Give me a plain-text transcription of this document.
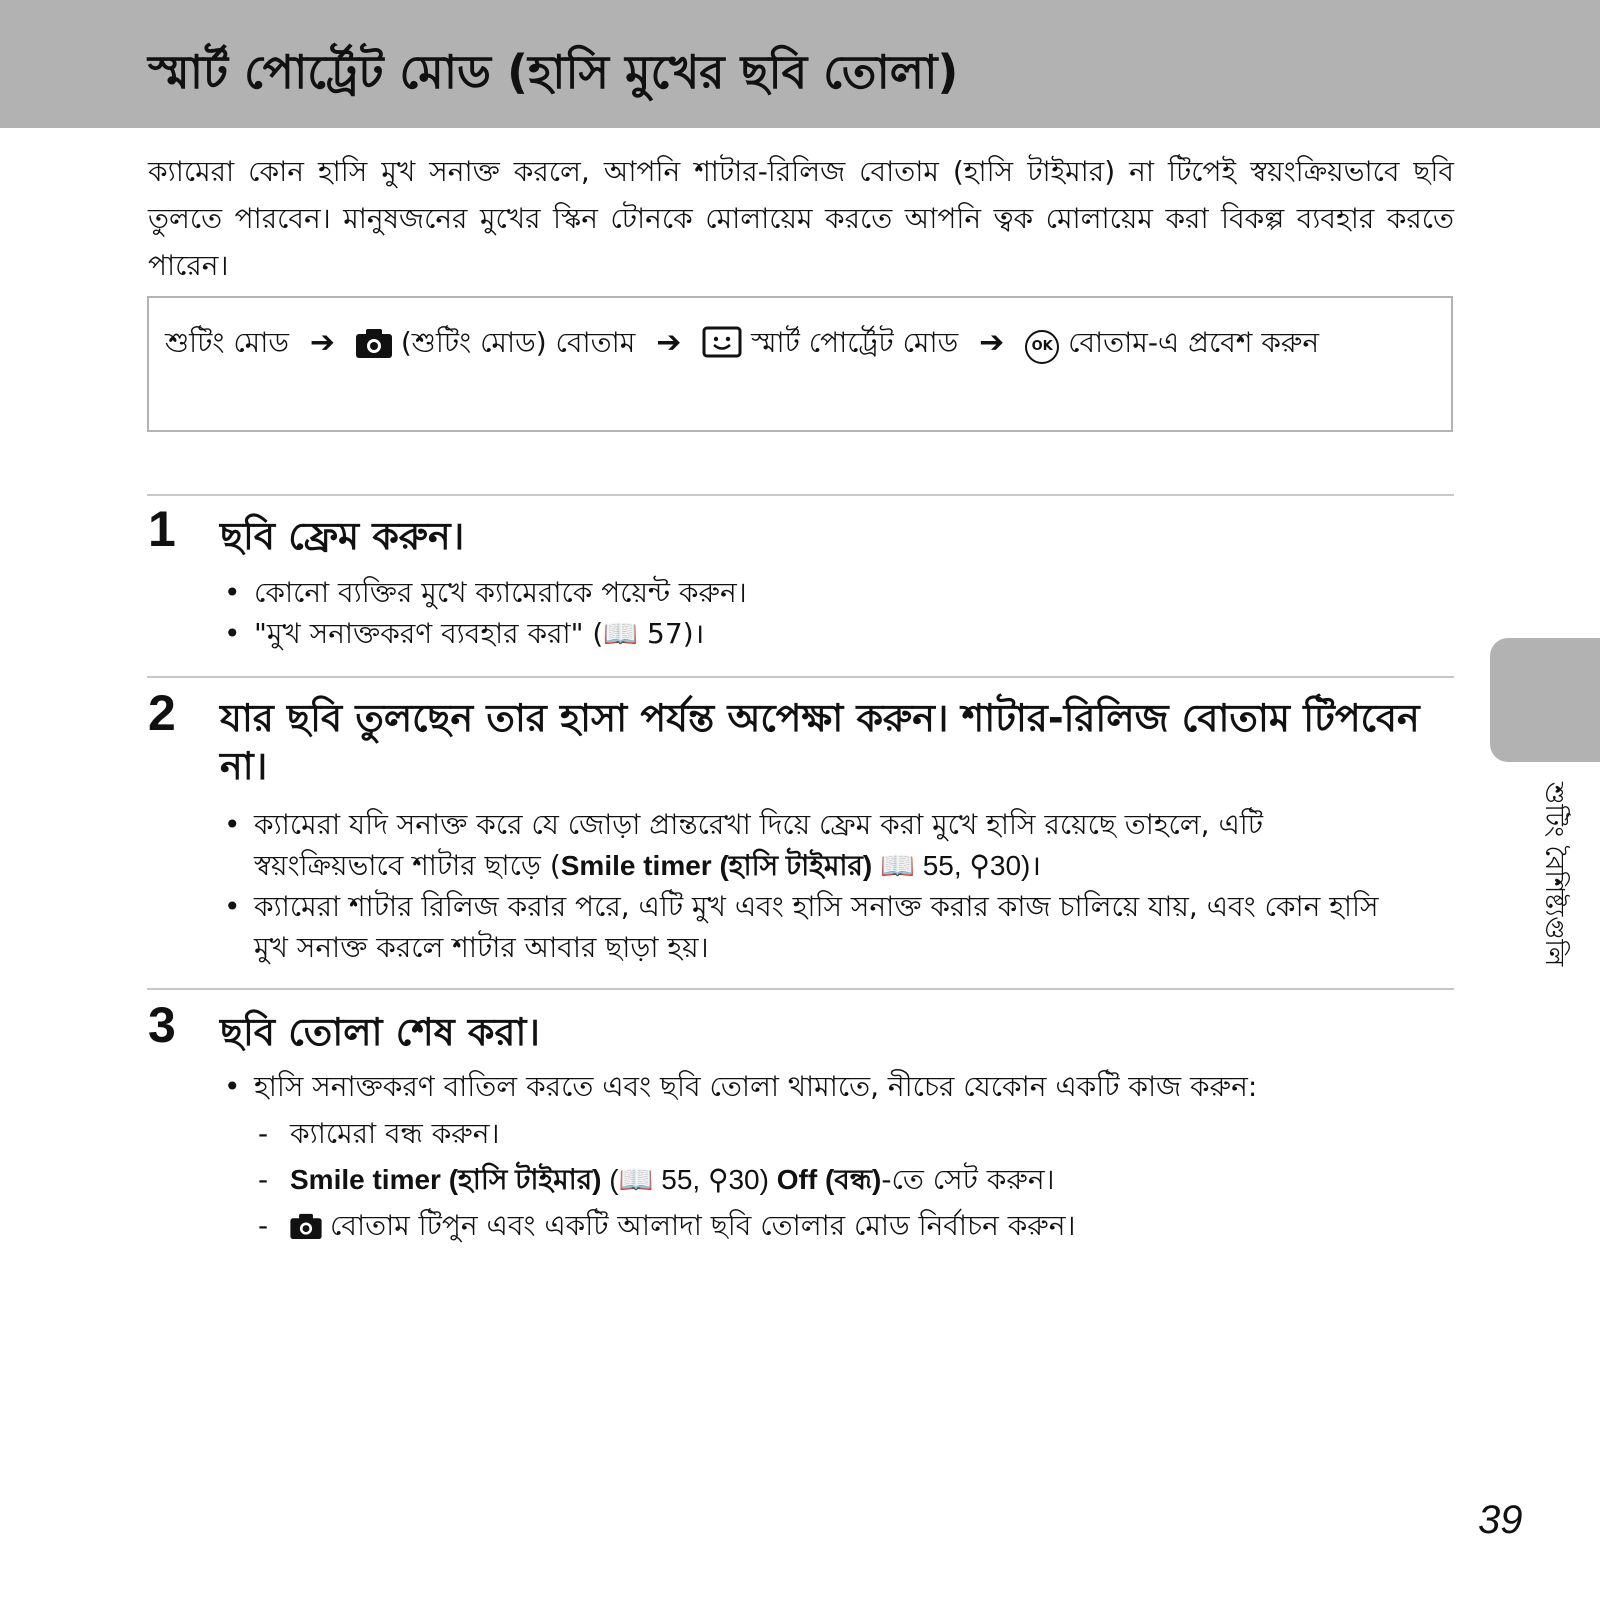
স্মার্ট পোর্ট্রেট মোড (হাসি মুখের ছবি তোলা)

ক্যামেরা কোন হাসি মুখ সনাক্ত করলে, আপনি শাটার-রিলিজ বোতাম (হাসি টাইমার) না টিপেই স্বয়ংক্রিয়ভাবে ছবি তুলতে পারবেন। মানুষজনের মুখের স্কিন টোনকে মোলায়েম করতে আপনি ত্বক মোলায়েম করা বিকল্প ব্যবহার করতে পারেন।

শুটিং মোড ➔ (শুটিং মোড) বোতাম ➔ স্মার্ট পোর্ট্রেট মোড ➔ OK বোতাম-এ প্রবেশ করুন
1 ছবি ফ্রেম করুন।
• কোনো ব্যক্তির মুখে ক্যামেরাকে পয়েন্ট করুন।
• "মুখ সনাক্তকরণ ব্যবহার করা" (📖 57)।
2 যার ছবি তুলছেন তার হাসা পর্যন্ত অপেক্ষা করুন। শাটার-রিলিজ বোতাম টিপবেন না।
• ক্যামেরা যদি সনাক্ত করে যে জোড়া প্রান্তরেখা দিয়ে ফ্রেম করা মুখে হাসি রয়েছে তাহলে, এটি স্বয়ংক্রিয়ভাবে শাটার ছাড়ে (Smile timer (হাসি টাইমার) 📖 55, ⚲30)।
• ক্যামেরা শাটার রিলিজ করার পরে, এটি মুখ এবং হাসি সনাক্ত করার কাজ চালিয়ে যায়, এবং কোন হাসি মুখ সনাক্ত করলে শাটার আবার ছাড়া হয়।
3 ছবি তোলা শেষ করা।
• হাসি সনাক্তকরণ বাতিল করতে এবং ছবি তোলা থামাতে, নীচের যেকোন একটি কাজ করুন:
- ক্যামেরা বন্ধ করুন।
- Smile timer (হাসি টাইমার) (📖 55, ⚲30) Off (বন্ধ)-তে সেট করুন।
- বোতাম টিপুন এবং একটি আলাদা ছবি তোলার মোড নির্বাচন করুন।
শুটিং বৈশিষ্ট্যগুলি
39
